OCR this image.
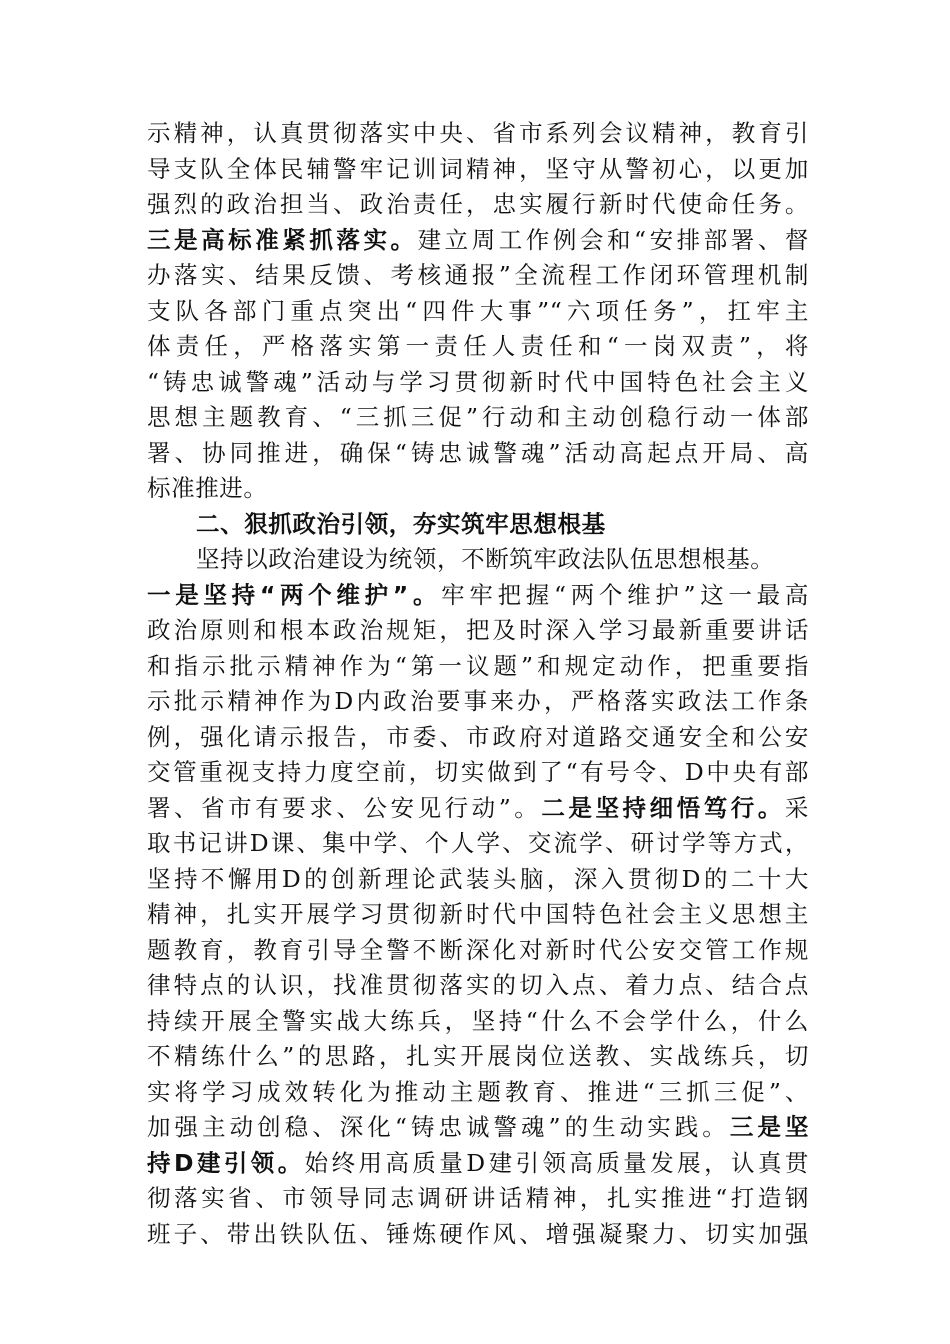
示精神，认真贯彻落实中央、省市系列会议精神，教育引
导支队全体民辅警牢记训词精神，坚守从警初心，以更加
强烈的政治担当、政治责任，忠实履行新时代使命任务。
三是高标准紧抓落实。建立周工作例会和“安排部署、督
办落实、结果反馈、考核通报”全流程工作闭环管理机制
支队各部门重点突出“四件大事”“六项任务”，扛牢主
体责任，严格落实第一责任人责任和“一岗双责”，将
“铸忠诚警魂”活动与学习贯彻新时代中国特色社会主义
思想主题教育、“三抓三促”行动和主动创稳行动一体部
署、协同推进，确保“铸忠诚警魂”活动高起点开局、高
标准推进。
二、狠抓政治引领，夯实筑牢思想根基
坚持以政治建设为统领，不断筑牢政法队伍思想根基。
一是坚持“两个维护”。牢牢把握“两个维护”这一最高
政治原则和根本政治规矩，把及时深入学习最新重要讲话
和指示批示精神作为“第一议题”和规定动作，把重要指
示批示精神作为D内政治要事来办，严格落实政法工作条
例，强化请示报告，市委、市政府对道路交通安全和公安
交管重视支持力度空前，切实做到了“有号令、D中央有部
署、省市有要求、公安见行动”。二是坚持细悟笃行。采
取书记讲D课、集中学、个人学、交流学、研讨学等方式，
坚持不懈用D的创新理论武装头脑，深入贯彻D的二十大
精神，扎实开展学习贯彻新时代中国特色社会主义思想主
题教育，教育引导全警不断深化对新时代公安交管工作规
律特点的认识，找准贯彻落实的切入点、着力点、结合点
持续开展全警实战大练兵，坚持“什么不会学什么，什么
不精练什么”的思路，扎实开展岗位送教、实战练兵，切
实将学习成效转化为推动主题教育、推进“三抓三促”、
加强主动创稳、深化“铸忠诚警魂”的生动实践。三是坚
持D建引领。始终用高质量D建引领高质量发展，认真贯
彻落实省、市领导同志调研讲话精神，扎实推进“打造钢
班子、带出铁队伍、锤炼硬作风、增强凝聚力、切实加强
